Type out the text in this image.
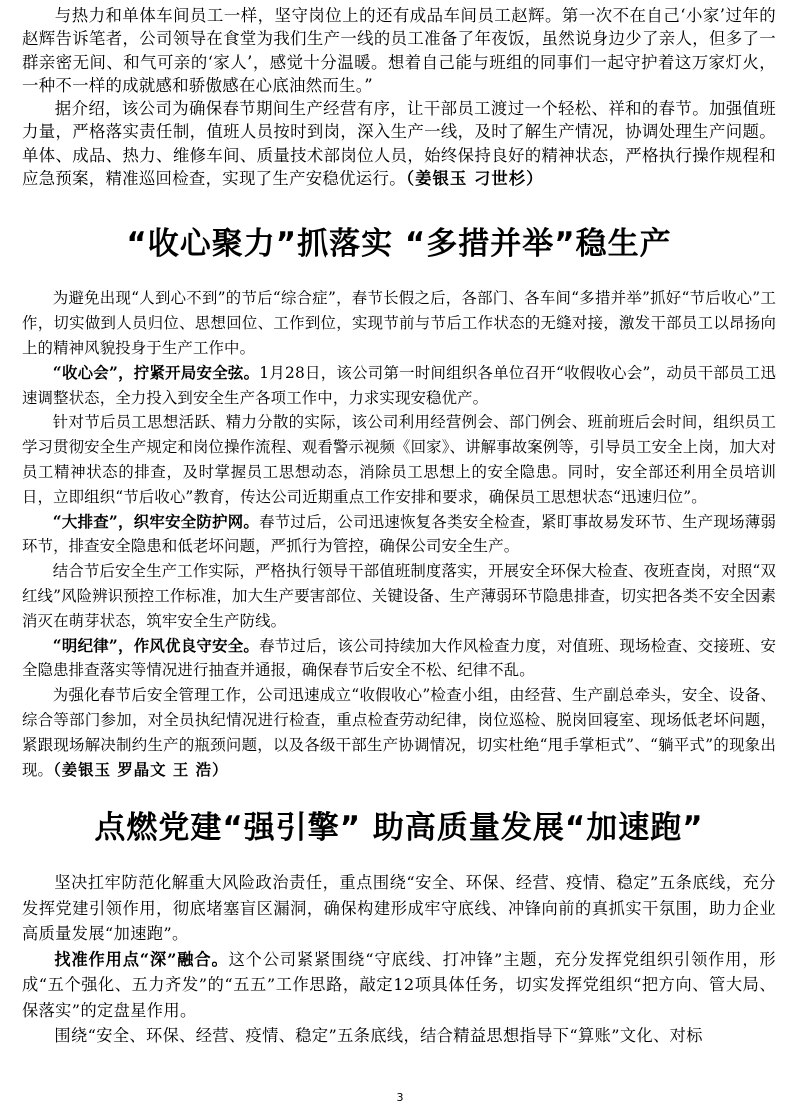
与热力和单体车间员工一样，坚守岗位上的还有成品车间员工赵辉。第一次不在自己‘小家’过年的赵辉告诉笔者，公司领导在食堂为我们生产一线的员工准备了年夜饭，虽然说身边少了亲人，但多了一群亲密无间、和气可亲的‘家人’，感觉十分温暖。想着自己能与班组的同事们一起守护着这万家灯火，一种不一样的成就感和骄傲感在心底油然而生。”

据介绍，该公司为确保春节期间生产经营有序，让干部员工渡过一个轻松、祥和的春节。加强值班力量，严格落实责任制，值班人员按时到岗，深入生产一线，及时了解生产情况，协调处理生产问题。单体、成品、热力、维修车间、质量技术部岗位人员，始终保持良好的精神状态，严格执行操作规程和应急预案，精准巡回检查，实现了生产安稳优运行。（姜银玉 刁世杉）

“收心聚力”抓落实 “多措并举”稳生产

为避免出现“人到心不到”的节后“综合症”，春节长假之后，各部门、各车间“多措并举”抓好“节后收心”工作，切实做到人员归位、思想回位、工作到位，实现节前与节后工作状态的无缝对接，激发干部员工以昂扬向上的精神风貌投身于生产工作中。

“收心会”，拧紧开局安全弦。1月28日，该公司第一时间组织各单位召开“收假收心会”，动员干部员工迅速调整状态，全力投入到安全生产各项工作中，力求实现安稳优产。

针对节后员工思想活跃、精力分散的实际，该公司利用经营例会、部门例会、班前班后会时间，组织员工学习贯彻安全生产规定和岗位操作流程、观看警示视频《回家》、讲解事故案例等，引导员工安全上岗，加大对员工精神状态的排查，及时掌握员工思想动态，消除员工思想上的安全隐患。同时，安全部还利用全员培训日，立即组织“节后收心”教育，传达公司近期重点工作安排和要求，确保员工思想状态“迅速归位”。

“大排查”，织牢安全防护网。春节过后，公司迅速恢复各类安全检查，紧盯事故易发环节、生产现场薄弱环节，排查安全隐患和低老坏问题，严抓行为管控，确保公司安全生产。

结合节后安全生产工作实际，严格执行领导干部值班制度落实，开展安全环保大检查、夜班查岗，对照“双红线”风险辨识预控工作标准，加大生产要害部位、关键设备、生产薄弱环节隐患排查，切实把各类不安全因素消灭在萌芽状态，筑牢安全生产防线。

“明纪律”，作风优良守安全。春节过后，该公司持续加大作风检查力度，对值班、现场检查、交接班、安全隐患排查落实等情况进行抽查并通报，确保春节后安全不松、纪律不乱。

为强化春节后安全管理工作，公司迅速成立“收假收心”检查小组，由经营、生产副总牵头，安全、设备、综合等部门参加，对全员执纪情况进行检查，重点检查劳动纪律，岗位巡检、脱岗回寝室、现场低老坏问题，紧跟现场解决制约生产的瓶颈问题，以及各级干部生产协调情况，切实杜绝“甩手掌柜式”、“躺平式”的现象出现。（姜银玉 罗晶文 王 浩）

点燃党建“强引擎” 助高质量发展“加速跑”

坚决扛牢防范化解重大风险政治责任，重点围绕“安全、环保、经营、疫情、稳定”五条底线，充分发挥党建引领作用，彻底堵塞盲区漏洞，确保构建形成牢守底线、冲锋向前的真抓实干氛围，助力企业高质量发展“加速跑”。

找准作用点“深”融合。这个公司紧紧围绕“守底线、打冲锋”主题，充分发挥党组织引领作用，形成“五个强化、五力齐发”的“五五”工作思路，敲定12项具体任务，切实发挥党组织“把方向、管大局、保落实”的定盘星作用。

围绕“安全、环保、经营、疫情、稳定”五条底线，结合精益思想指导下“算账”文化、对标

3
